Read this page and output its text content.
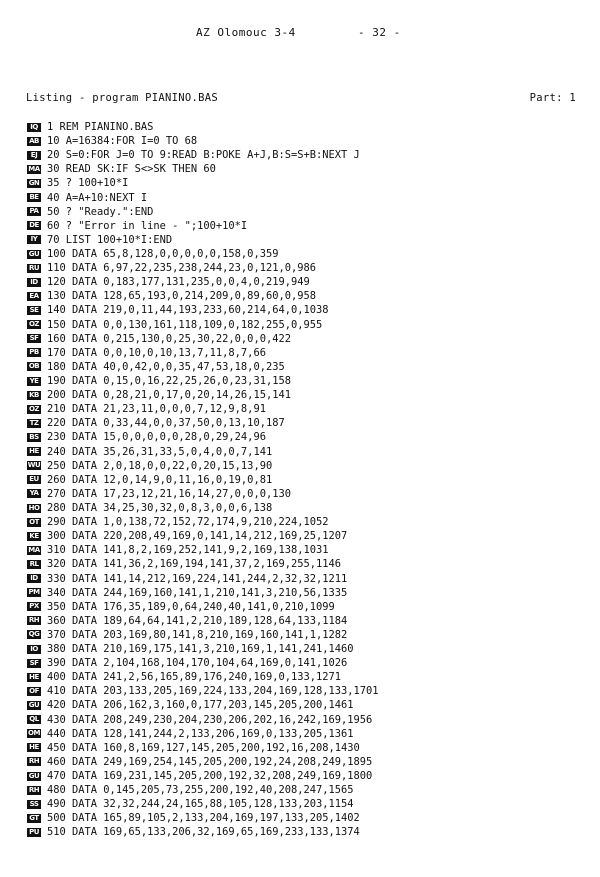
AZ Olomouc 3-4	- 32 -
Listing - program PIANINO.BAS	Part: 1
IQ 1 REM PIANINO.BAS
AB 10 A=16384:FOR I=0 TO 68
EJ 20 S=0:FOR J=0 TO 9:READ B:POKE A+J,B:S=S+B:NEXT J
MA 30 READ SK:IF S<>SK THEN 60
GN 35 ? 100+10*I
BE 40 A=A+10:NEXT I
PA 50 ? "Ready.":END
DE 60 ? "Error in line - ";100+10*I
IY 70 LIST 100+10*I:END
GU 100 DATA 65,8,128,0,0,0,0,0,158,0,359
RU 110 DATA 6,97,22,235,238,244,23,0,121,0,986
ID 120 DATA 0,183,177,131,235,0,0,4,0,219,949
EA 130 DATA 128,65,193,0,214,209,0,89,60,0,958
SE 140 DATA 219,0,11,44,193,233,60,214,64,0,1038
OZ 150 DATA 0,0,130,161,118,109,0,182,255,0,955
SF 160 DATA 0,215,130,0,25,30,22,0,0,0,422
PB 170 DATA 0,0,10,0,10,13,7,11,8,7,66
OB 180 DATA 40,0,42,0,0,35,47,53,18,0,235
YE 190 DATA 0,15,0,16,22,25,26,0,23,31,158
KB 200 DATA 0,28,21,0,17,0,20,14,26,15,141
OZ 210 DATA 21,23,11,0,0,0,7,12,9,8,91
TZ 220 DATA 0,33,44,0,0,37,50,0,13,10,187
BS 230 DATA 15,0,0,0,0,0,28,0,29,24,96
HE 240 DATA 35,26,31,33,5,0,4,0,0,7,141
WU 250 DATA 2,0,18,0,0,22,0,20,15,13,90
EU 260 DATA 12,0,14,9,0,11,16,0,19,0,81
YA 270 DATA 17,23,12,21,16,14,27,0,0,0,130
HO 280 DATA 34,25,30,32,0,8,3,0,0,6,138
OT 290 DATA 1,0,138,72,152,72,174,9,210,224,1052
KE 300 DATA 220,208,49,169,0,141,14,212,169,25,1207
MA 310 DATA 141,8,2,169,252,141,9,2,169,138,1031
RL 320 DATA 141,36,2,169,194,141,37,2,169,255,1146
ID 330 DATA 141,14,212,169,224,141,244,2,32,32,1211
PM 340 DATA 244,169,160,141,1,210,141,3,210,56,1335
PX 350 DATA 176,35,189,0,64,240,40,141,0,210,1099
RH 360 DATA 189,64,64,141,2,210,189,128,64,133,1184
QG 370 DATA 203,169,80,141,8,210,169,160,141,1,1282
IO 380 DATA 210,169,175,141,3,210,169,1,141,241,1460
SF 390 DATA 2,104,168,104,170,104,64,169,0,141,1026
HE 400 DATA 241,2,56,165,89,176,240,169,0,133,1271
OF 410 DATA 203,133,205,169,224,133,204,169,128,133,1701
GU 420 DATA 206,162,3,160,0,177,203,145,205,200,1461
QL 430 DATA 208,249,230,204,230,206,202,16,242,169,1956
OM 440 DATA 128,141,244,2,133,206,169,0,133,205,1361
HE 450 DATA 160,8,169,127,145,205,200,192,16,208,1430
RH 460 DATA 249,169,254,145,205,200,192,24,208,249,1895
GU 470 DATA 169,231,145,205,200,192,32,208,249,169,1800
RH 480 DATA 0,145,205,73,255,200,192,40,208,247,1565
SS 490 DATA 32,32,244,24,165,88,105,128,133,203,1154
GT 500 DATA 165,89,105,2,133,204,169,197,133,205,1402
PU 510 DATA 169,65,133,206,32,169,65,169,233,133,1374
